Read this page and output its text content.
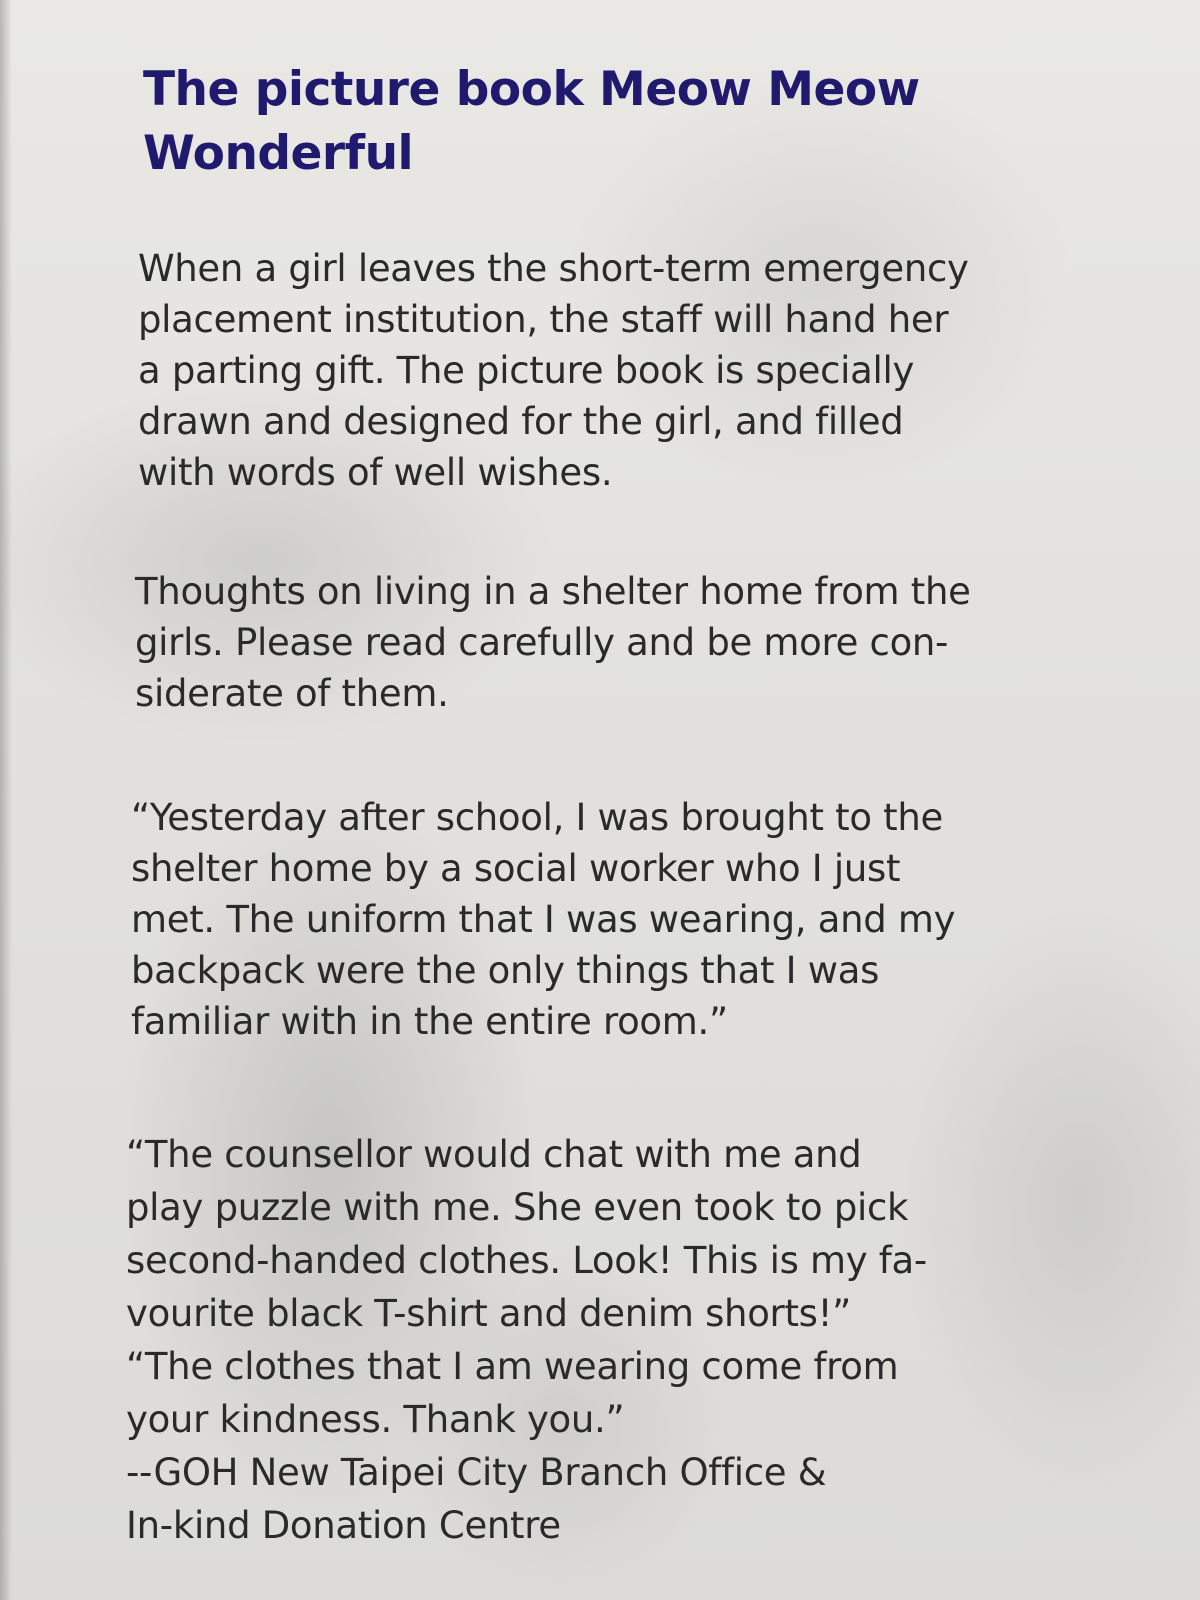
The picture book Meow Meow
Wonderful

When a girl leaves the short-term emergency
placement institution, the staff will hand her
a parting gift. The picture book is specially
drawn and designed for the girl, and filled
with words of well wishes.

Thoughts on living in a shelter home from the
girls. Please read carefully and be more con-
siderate of them.

“Yesterday after school, I was brought to the
shelter home by a social worker who I just
met. The uniform that I was wearing, and my
backpack were the only things that I was
familiar with in the entire room.”

“The counsellor would chat with me and
play puzzle with me. She even took to pick
second-handed clothes. Look! This is my fa-
vourite black T-shirt and denim shorts!”
“The clothes that I am wearing come from
your kindness. Thank you.”
--GOH New Taipei City Branch Office &
In-kind Donation Centre
